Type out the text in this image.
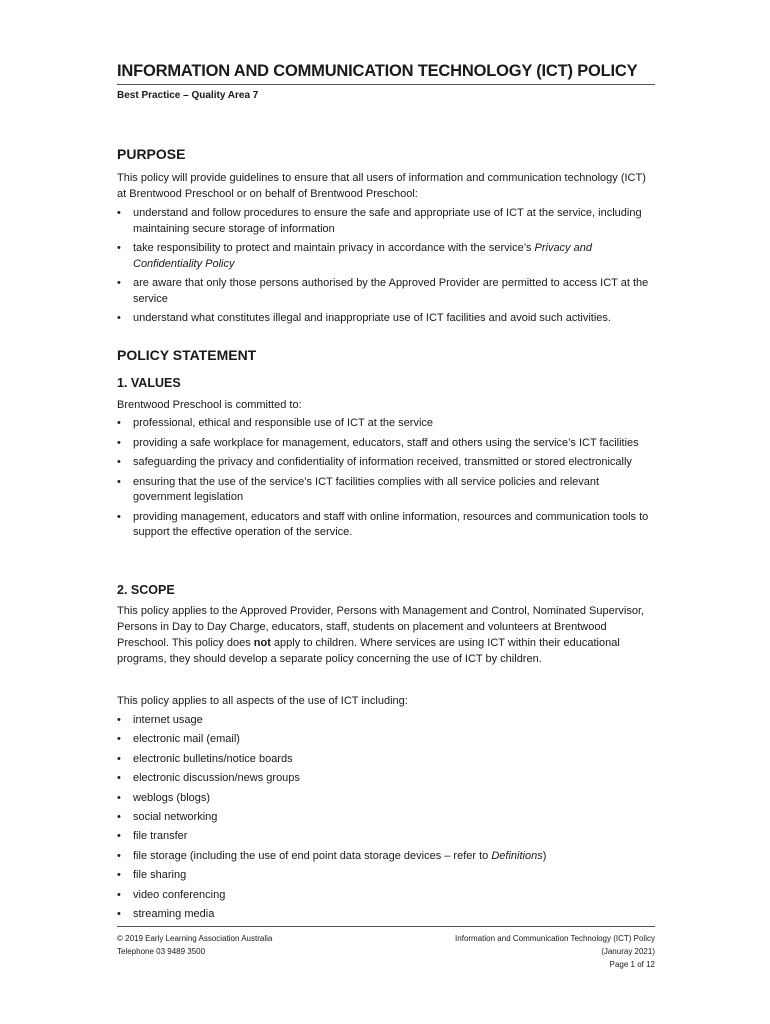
INFORMATION AND COMMUNICATION TECHNOLOGY (ICT) POLICY
Best Practice – Quality Area 7
PURPOSE

This policy will provide guidelines to ensure that all users of information and communication technology (ICT) at Brentwood Preschool or on behalf of Brentwood Preschool:

• understand and follow procedures to ensure the safe and appropriate use of ICT at the service, including maintaining secure storage of information
• take responsibility to protect and maintain privacy in accordance with the service’s Privacy and Confidentiality Policy
• are aware that only those persons authorised by the Approved Provider are permitted to access ICT at the service
• understand what constitutes illegal and inappropriate use of ICT facilities and avoid such activities.
POLICY STATEMENT
1. VALUES

Brentwood Preschool is committed to:

• professional, ethical and responsible use of ICT at the service
• providing a safe workplace for management, educators, staff and others using the service’s ICT facilities
• safeguarding the privacy and confidentiality of information received, transmitted or stored electronically
• ensuring that the use of the service’s ICT facilities complies with all service policies and relevant government legislation
• providing management, educators and staff with online information, resources and communication tools to support the effective operation of the service.
2. SCOPE

This policy applies to the Approved Provider, Persons with Management and Control, Nominated Supervisor, Persons in Day to Day Charge, educators, staff, students on placement and volunteers at Brentwood Preschool. This policy does not apply to children. Where services are using ICT within their educational programs, they should develop a separate policy concerning the use of ICT by children.

This policy applies to all aspects of the use of ICT including:

• internet usage
• electronic mail (email)
• electronic bulletins/notice boards
• electronic discussion/news groups
• weblogs (blogs)
• social networking
• file transfer
• file storage (including the use of end point data storage devices – refer to Definitions)
• file sharing
• video conferencing
• streaming media
© 2019 Early Learning Association Australia
Telephone 03 9489 3500
Information and Communication Technology (ICT) Policy
(Januray 2021)
Page 1 of 12
